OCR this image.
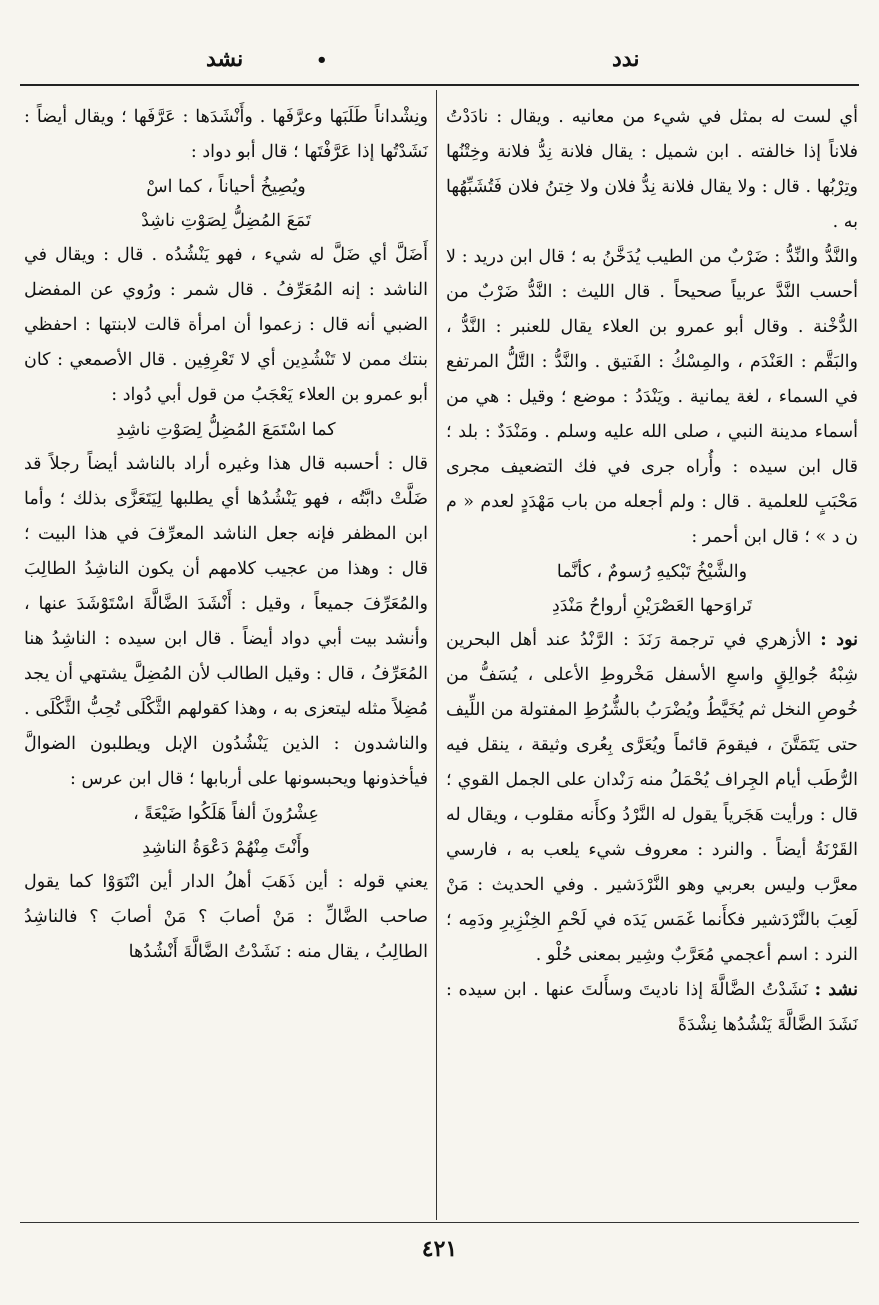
نشد	•	ندد

أي لست له بمثل في شيء من معانيه . ويقال : نادَدْتُ فلاناً إذا خالفته . ابن شميل : يقال فلانة نِدُّ فلانة وخِتْنُها وتِرْبُها . قال : ولا يقال فلانة نِدُّ فلان ولا خِتنُ فلان فَتُشَبِّهُها به .

والنَّدُّ والنِّدُّ : ضَرْبٌ من الطيب يُدَخَّنُ به ؛ قال ابن دريد : لا أحسب النَّدَّ عربياً صحيحاً . قال الليث : النَّدُّ ضَرْبٌ من الدُّخْنة . وقال أبو عمرو بن العلاء يقال للعنبر : النَّدُّ ، والبَقَّم : العَنْدَم ، والمِسْكُ : الفَتيق . والنَّدُّ : التَّلُّ المرتفع في السماء ، لغة يمانية . ويَنْدَدُ : موضع ؛ وقيل : هي من أسماء مدينة النبي ، صلى الله عليه وسلم . ومَنْدَدٌ : بلد ؛ قال ابن سيده : وأُراه جرى في فك التضعيف مجرى مَحْبَبٍ للعلمية . قال : ولم أجعله من باب مَهْدَدٍ لعدم « م ن د » ؛ قال ابن أحمر :

والشَّيْخُ تَبْكيهِ رُسومٌ ، كأنَّما

تَراوَحها العَصْرَيْنِ أرواحُ مَنْدَدِ

نود : الأزهري في ترجمة رَنَدَ : الرَّنْدُ عند أهل البحرين شِبْهُ جُوالِقٍ واسعِ الأسفل مَخْروطِ الأعلى ، يُسَفُّ من خُوصِ النخل ثم يُخَيَّطُ ويُضْرَبُ بالشُّرُطِ المفتولة من اللِّيف حتى يَتَمَتَّنَ ، فيقومَ قائماً ويُعَرَّى بِعُرى وثيقة ، ينقل فيه الرُّطَب أيام الجِراف يُحْمَلُ منه رَنْدان على الجمل القوي ؛ قال : ورأيت هَجَرياً يقول له النَّرْدُ وكأَنه مقلوب ، ويقال له القَرْنَةُ أيضاً . والنرد : معروف شيء يلعب به ، فارسي معرَّب وليس بعربي وهو النَّرْدَشير . وفي الحديث : مَنْ لَعِبَ بالنَّرْدَشير فكأَنما غَمَس يَدَه في لَحْمِ الخِنْزِيرِ ودَمِه ؛ النرد : اسم أعجمي مُعَرَّبٌ وشِير بمعنى حُلْو .

نشد : نَشَدْتُ الضَّالَّةَ إذا ناديتَ وسأَلتَ عنها . ابن سيده : نَشَدَ الضَّالَّةَ يَنْشُدُها نِشْدَةً

ونِشْداناً طَلَبَها وعرَّفَها . وأَنْشَدَها : عَرَّفَها ؛ ويقال أيضاً : نَشَدْتُها إذا عَرَّفْتَها ؛ قال أبو دواد :

ويُصِيخُ أحياناً ، كما اسْ

تَمَعَ المُضِلُّ لِصَوْتِ ناشِدْ

أَضَلَّ أي ضَلَّ له شيء ، فهو يَنْشُدُه . قال : ويقال في الناشد : إنه المُعَرِّفُ . قال شمر : ورُوي عن المفضل الضبي أنه قال : زعموا أن امرأة قالت لابنتها : احفظي بنتك ممن لا تَنْشُدِين أي لا تَعْرِفِين . قال الأصمعي : كان أبو عمرو بن العلاء يَعْجَبُ من قول أبي دُواد :

كما اسْتَمَعَ المُضِلُّ لِصَوْتِ ناشِدِ

قال : أحسبه قال هذا وغيره أراد بالناشد أيضاً رجلاً قد ضَلَّتْ دابَّتُه ، فهو يَنْشُدُها أي يطلبها لِيَتَعَزَّى بذلك ؛ وأما ابن المظفر فإنه جعل الناشد المعرِّفَ في هذا البيت ؛ قال : وهذا من عجيب كلامهم أن يكون الناشِدُ الطالِبَ والمُعَرِّفَ جميعاً ، وقيل : أَنْشَدَ الضَّالَّةَ اسْتَوْشَدَ عنها ، وأنشد بيت أبي دواد أيضاً . قال ابن سيده : الناشِدُ هنا المُعَرِّفُ ، قال : وقيل الطالب لأن المُضِلَّ يشتهي أن يجد مُضِلاً مثله ليتعزى به ، وهذا كقولهم الثَّكْلَى تُحِبُّ الثَّكْلَى . والناشدون : الذين يَنْشُدُون الإبل ويطلبون الضوالَّ فيأخذونها ويحبسونها على أربابها ؛ قال ابن عرس :

عِشْرُونَ ألفاً هَلَكُوا ضَيْعَةً ،

وأَنْتَ مِنْهُمْ دَعْوَةُ الناشِدِ

يعني قوله : أين ذَهَبَ أهلُ الدار أين انْتَوَوْا كما يقول صاحب الضَّالِّ : مَنْ أصابَ ؟ مَنْ أصابَ ؟ فالناشِدُ الطالِبُ ، يقال منه : نَشَدْتُ الضَّالَّةَ أَنْشُدُها

٤٢١
